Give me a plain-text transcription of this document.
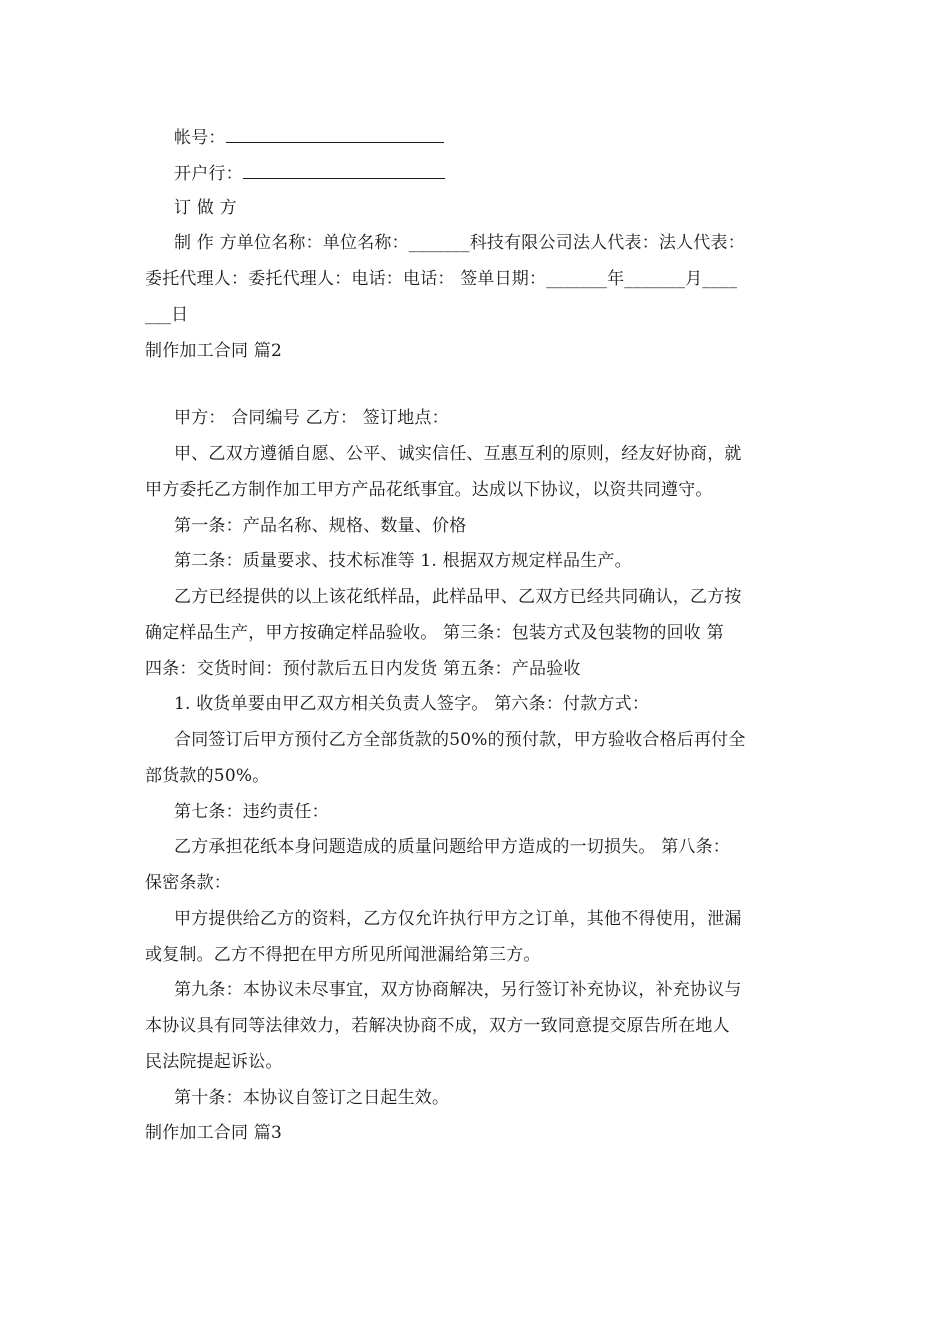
帐号：
开户行：
订 做 方
制 作 方单位名称：单位名称：_______科技有限公司法人代表：法人代表：
委托代理人：委托代理人：电话：电话： 签单日期：_______年_______月____
___日
制作加工合同 篇2
甲方： 合同编号 乙方： 签订地点：
甲、乙双方遵循自愿、公平、诚实信任、互惠互利的原则，经友好协商，就
甲方委托乙方制作加工甲方产品花纸事宜。达成以下协议，以资共同遵守。
第一条：产品名称、规格、数量、价格
第二条：质量要求、技术标准等 1. 根据双方规定样品生产。
乙方已经提供的以上该花纸样品，此样品甲、乙双方已经共同确认，乙方按
确定样品生产，甲方按确定样品验收。 第三条：包装方式及包装物的回收 第
四条：交货时间：预付款后五日内发货 第五条：产品验收
1. 收货单要由甲乙双方相关负责人签字。 第六条：付款方式：
合同签订后甲方预付乙方全部货款的50%的预付款，甲方验收合格后再付全
部货款的50%。
第七条：违约责任：
乙方承担花纸本身问题造成的质量问题给甲方造成的一切损失。 第八条：
保密条款：
甲方提供给乙方的资料，乙方仅允许执行甲方之订单，其他不得使用，泄漏
或复制。乙方不得把在甲方所见所闻泄漏给第三方。
第九条：本协议未尽事宜，双方协商解决，另行签订补充协议，补充协议与
本协议具有同等法律效力，若解决协商不成，双方一致同意提交原告所在地人
民法院提起诉讼。
第十条：本协议自签订之日起生效。
制作加工合同 篇3
